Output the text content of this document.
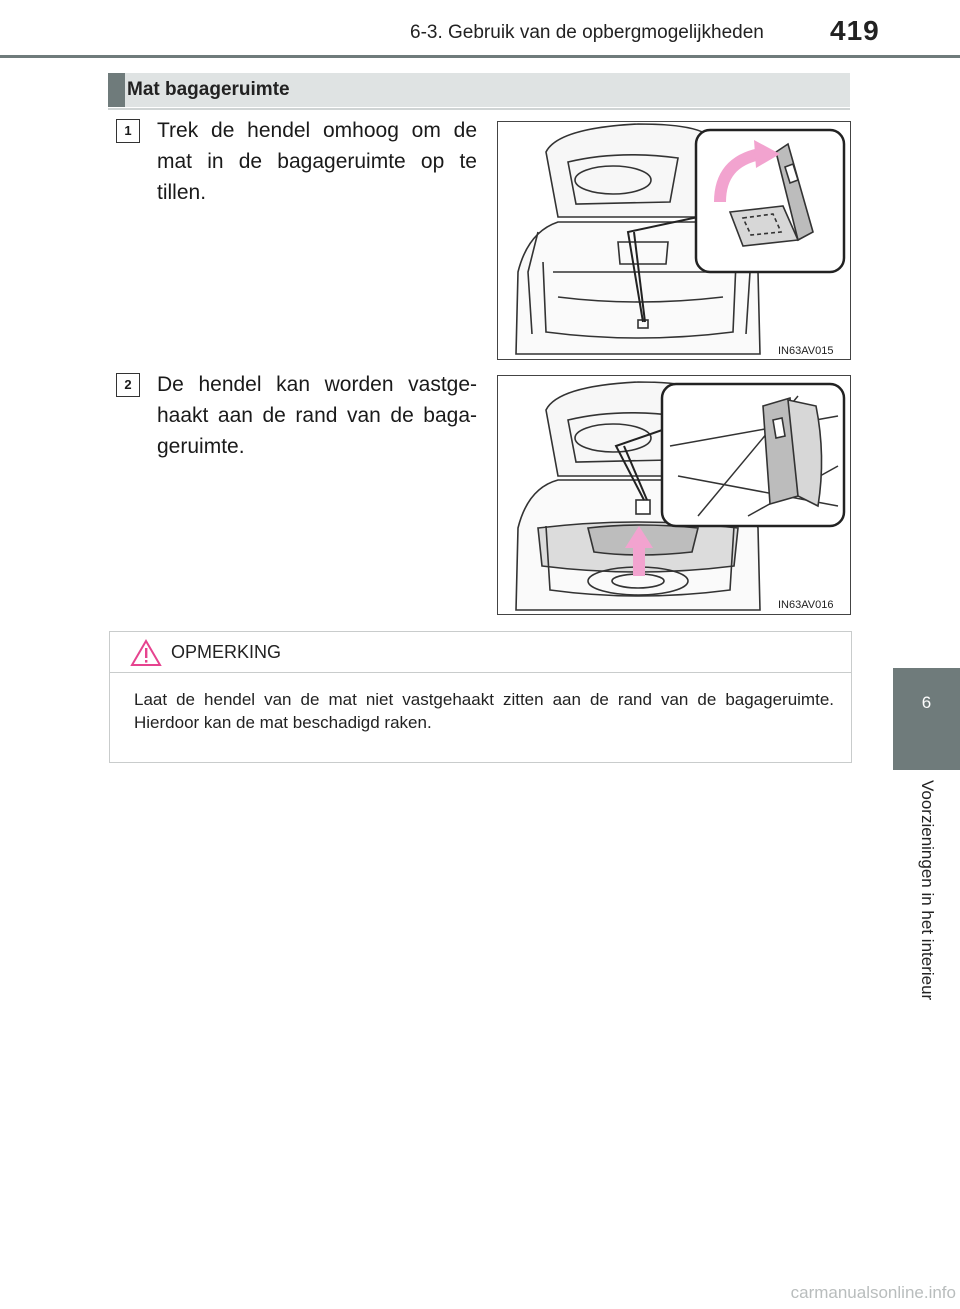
6-3. Gebruik van de opbergmogelijkheden 419
6
Voorzieningen in het interieur
Mat bagageruimte
1	Trek de hendel omhoog om de mat in de bagageruimte op te tillen.
IN63AV015
2	De hendel kan worden vastge-haakt aan de rand van de baga-geruimte.
IN63AV016
OPMERKING
Laat de hendel van de mat niet vastgehaakt zitten aan de rand van de bagageruimte. Hierdoor kan de mat beschadigd raken.
carmanualsonline.info
